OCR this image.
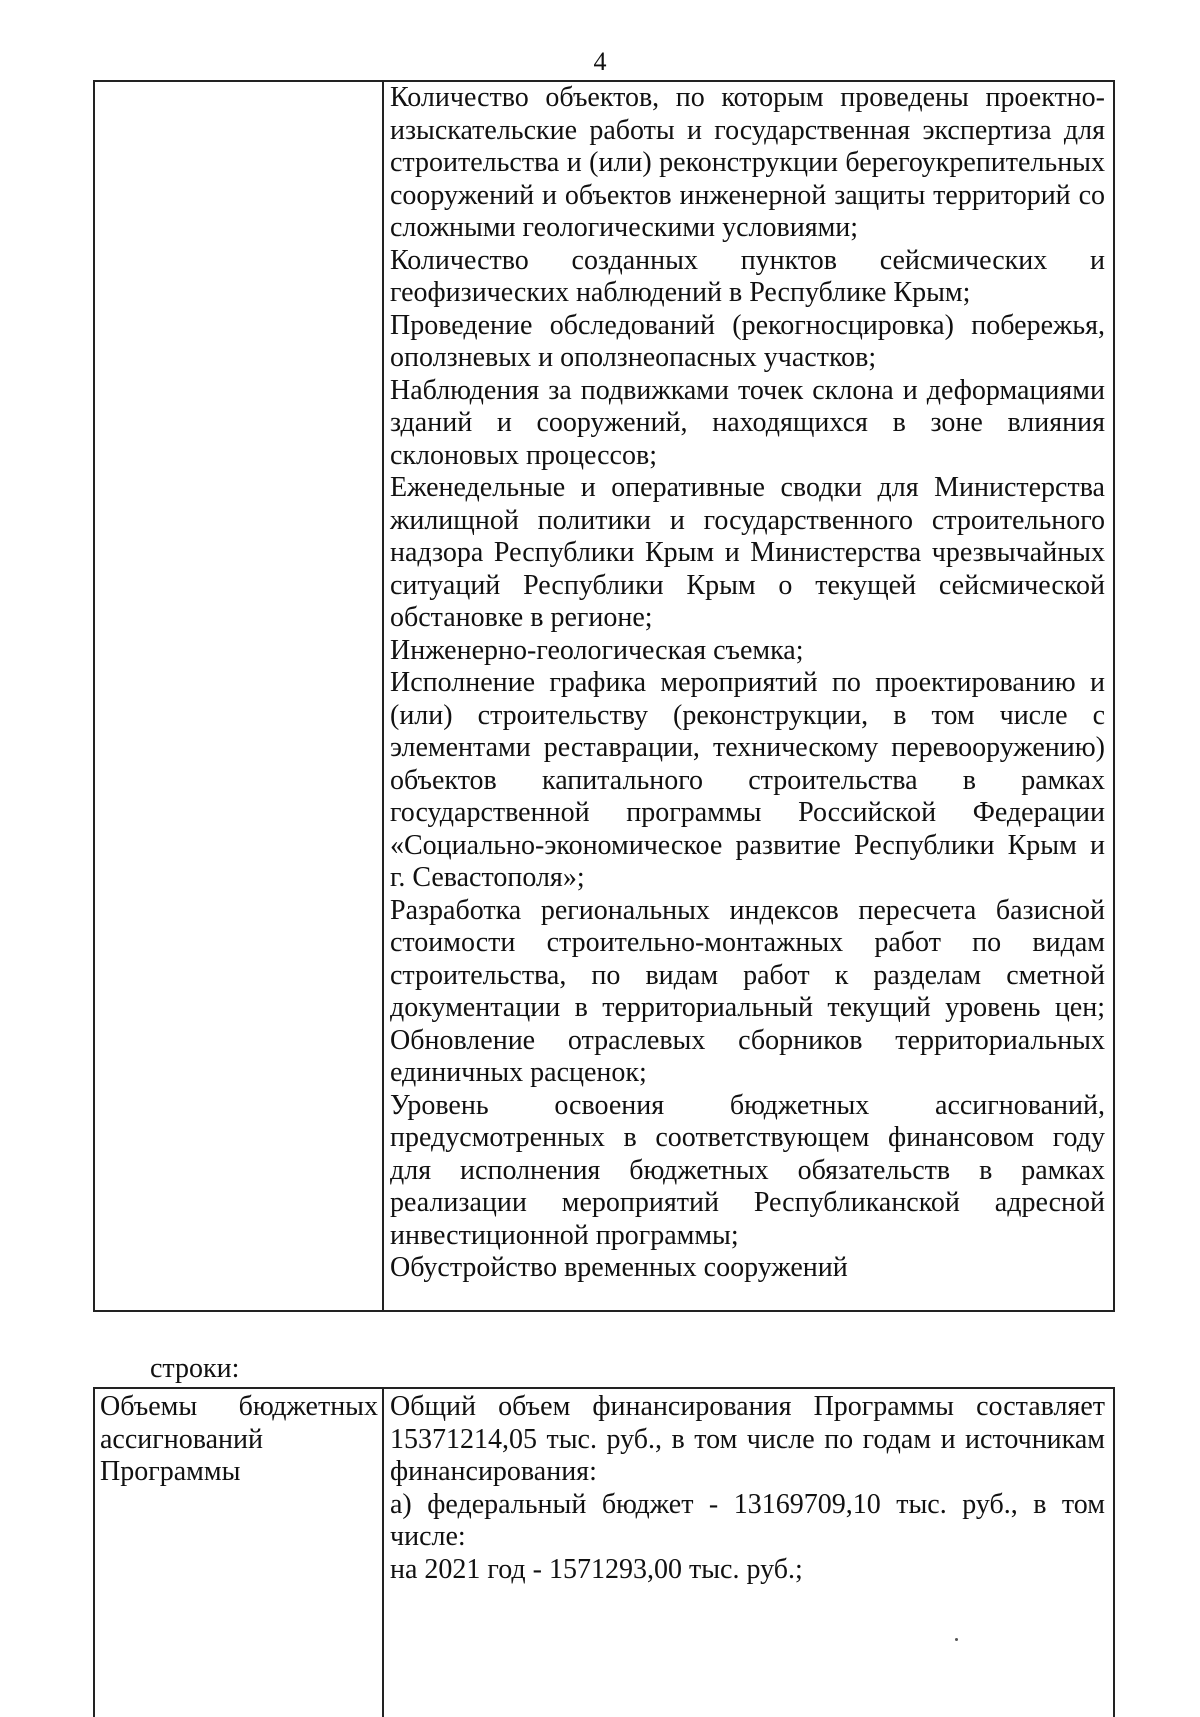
4
Количество объектов, по которым проведены проектно-
изыскательские работы и государственная экспертиза для
строительства и (или) реконструкции берегоукрепительных
сооружений и объектов инженерной защиты территорий со
сложными геологическими условиями;
Количество созданных пунктов сейсмических и
геофизических наблюдений в Республике Крым;
Проведение обследований (рекогносцировка) побережья,
оползневых и оползнеопасных участков;
Наблюдения за подвижками точек склона и деформациями
зданий и сооружений, находящихся в зоне влияния
склоновых процессов;
Еженедельные и оперативные сводки для Министерства
жилищной политики и государственного строительного
надзора Республики Крым и Министерства чрезвычайных
ситуаций Республики Крым о текущей сейсмической
обстановке в регионе;
Инженерно-геологическая съемка;
Исполнение графика мероприятий по проектированию и
(или) строительству (реконструкции, в том числе с
элементами реставрации, техническому перевооружению)
объектов капитального строительства в рамках
государственной программы Российской Федерации
«Социально-экономическое развитие Республики Крым и
г. Севастополя»;
Разработка региональных индексов пересчета базисной
стоимости строительно-монтажных работ по видам
строительства, по видам работ к разделам сметной
документации в территориальный текущий уровень цен;
Обновление отраслевых сборников территориальных
единичных расценок;
Уровень освоения бюджетных ассигнований,
предусмотренных в соответствующем финансовом году
для исполнения бюджетных обязательств в рамках
реализации мероприятий Республиканской адресной
инвестиционной программы;
Обустройство временных сооружений
строки:
Объемы бюджетных
ассигнований
Программы
Общий объем финансирования Программы составляет
15371214,05 тыс. руб., в том числе по годам и источникам
финансирования:
а) федеральный бюджет - 13169709,10 тыс. руб., в том
числе:
на 2021 год - 1571293,00 тыс. руб.;
